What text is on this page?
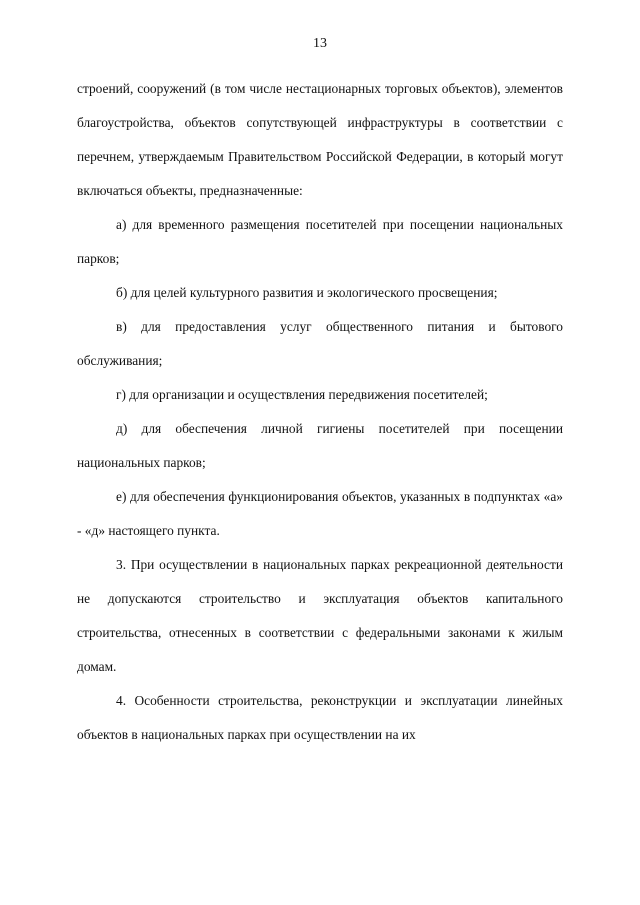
13

строений, сооружений (в том числе нестационарных торговых объектов), элементов благоустройства, объектов сопутствующей инфраструктуры в соответствии с перечнем, утверждаемым Правительством Российской Федерации, в который могут включаться объекты, предназначенные:

а) для временного размещения посетителей при посещении национальных парков;

б) для целей культурного развития и экологического просвещения;

в) для предоставления услуг общественного питания и бытового обслуживания;

г) для организации и осуществления передвижения посетителей;

д) для обеспечения личной гигиены посетителей при посещении национальных парков;

е) для обеспечения функционирования объектов, указанных в подпунктах «а» - «д» настоящего пункта.

3. При осуществлении в национальных парках рекреационной деятельности не допускаются строительство и эксплуатация объектов капитального строительства, отнесенных в соответствии с федеральными законами к жилым домам.

4. Особенности строительства, реконструкции и эксплуатации линейных объектов в национальных парках при осуществлении на их
